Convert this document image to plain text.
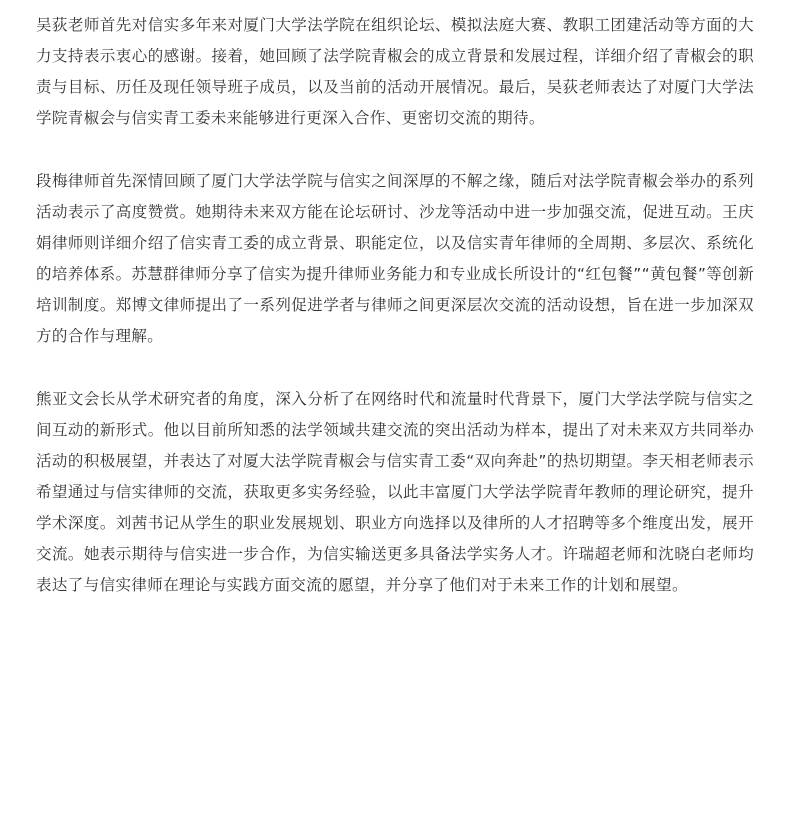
吴荻老师首先对信实多年来对厦门大学法学院在组织论坛、模拟法庭大赛、教职工团建活动等方面的大力支持表示衷心的感谢。接着，她回顾了法学院青椒会的成立背景和发展过程，详细介绍了青椒会的职责与目标、历任及现任领导班子成员，以及当前的活动开展情况。最后，吴荻老师表达了对厦门大学法学院青椒会与信实青工委未来能够进行更深入合作、更密切交流的期待。

段梅律师首先深情回顾了厦门大学法学院与信实之间深厚的不解之缘，随后对法学院青椒会举办的系列活动表示了高度赞赏。她期待未来双方能在论坛研讨、沙龙等活动中进一步加强交流，促进互动。王庆娟律师则详细介绍了信实青工委的成立背景、职能定位，以及信实青年律师的全周期、多层次、系统化的培养体系。苏慧群律师分享了信实为提升律师业务能力和专业成长所设计的“红包餐”“黄包餐”等创新培训制度。郑博文律师提出了一系列促进学者与律师之间更深层次交流的活动设想，旨在进一步加深双方的合作与理解。

熊亚文会长从学术研究者的角度，深入分析了在网络时代和流量时代背景下，厦门大学法学院与信实之间互动的新形式。他以目前所知悉的法学领域共建交流的突出活动为样本，提出了对未来双方共同举办活动的积极展望，并表达了对厦大法学院青椒会与信实青工委“双向奔赴”的热切期望。李天相老师表示希望通过与信实律师的交流，获取更多实务经验，以此丰富厦门大学法学院青年教师的理论研究，提升学术深度。刘茜书记从学生的职业发展规划、职业方向选择以及律所的人才招聘等多个维度出发，展开交流。她表示期待与信实进一步合作，为信实输送更多具备法学实务人才。许瑞超老师和沈晓白老师均表达了与信实律师在理论与实践方面交流的愿望，并分享了他们对于未来工作的计划和展望。
